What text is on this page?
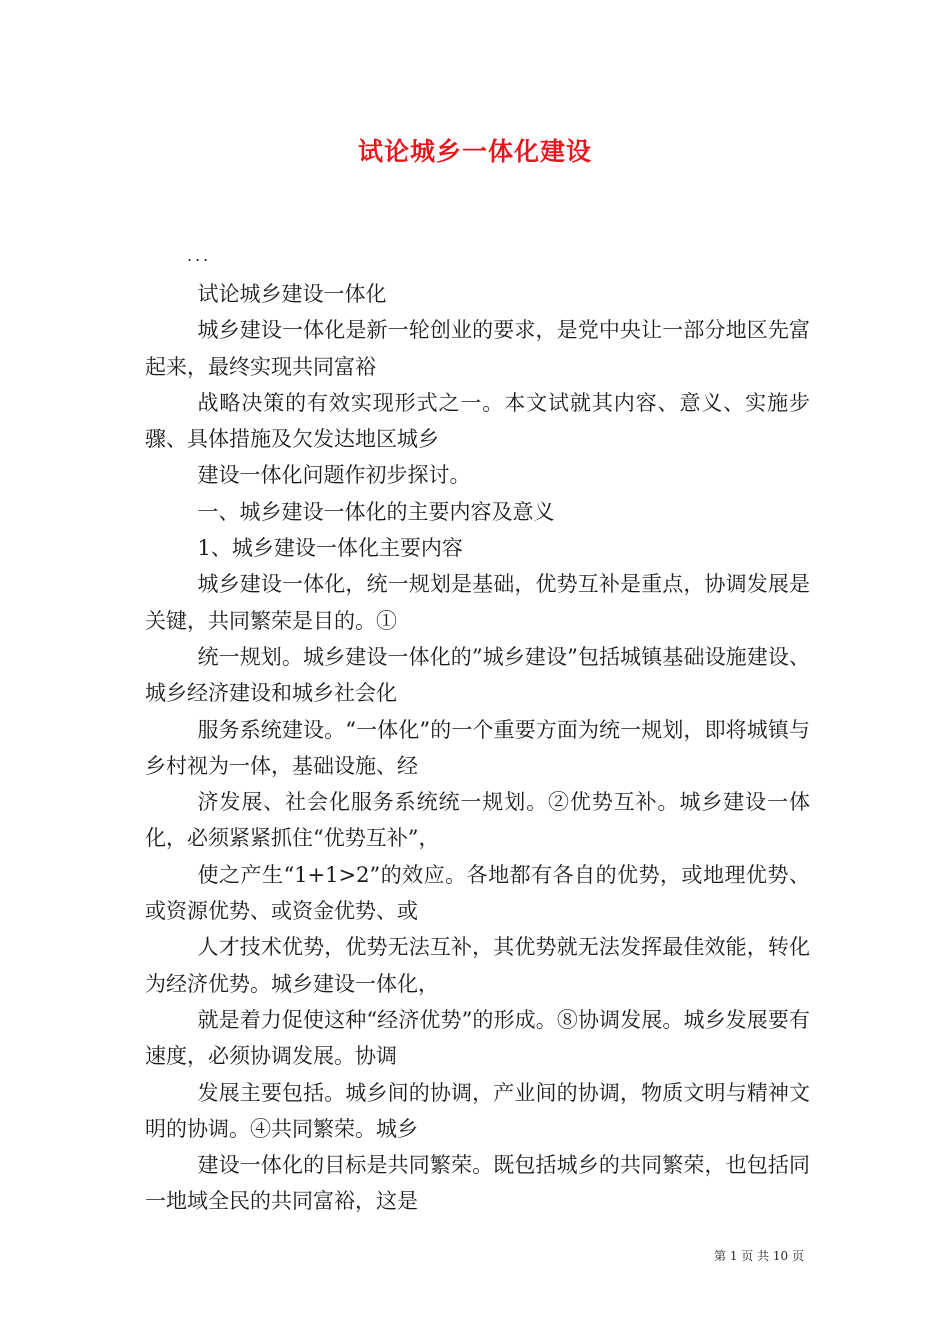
试论城乡一体化建设
...

试论城乡建设一体化

城乡建设一体化是新一轮创业的要求，是党中央让一部分地区先富起来，最终实现共同富裕

战略决策的有效实现形式之一。本文试就其内容、意义、实施步骤、具体措施及欠发达地区城乡

建设一体化问题作初步探讨。

一、城乡建设一体化的主要内容及意义

1、城乡建设一体化主要内容

城乡建设一体化，统一规划是基础，优势互补是重点，协调发展是关键，共同繁荣是目的。①

统一规划。城乡建设一体化的”城乡建设”包括城镇基础设施建设、城乡经济建设和城乡社会化

服务系统建设。“一体化”的一个重要方面为统一规划，即将城镇与乡村视为一体，基础设施、经

济发展、社会化服务系统统一规划。②优势互补。城乡建设一体化，必须紧紧抓住“优势互补”，

使之产生“1+1>2”的效应。各地都有各自的优势，或地理优势、或资源优势、或资金优势、或

人才技术优势，优势无法互补，其优势就无法发挥最佳效能，转化为经济优势。城乡建设一体化，

就是着力促使这种“经济优势”的形成。⑧协调发展。城乡发展要有速度，必须协调发展。协调

发展主要包括。城乡间的协调，产业间的协调，物质文明与精神文明的协调。④共同繁荣。城乡

建设一体化的目标是共同繁荣。既包括城乡的共同繁荣，也包括同一地域全民的共同富裕，这是

第 1 页 共 10 页
